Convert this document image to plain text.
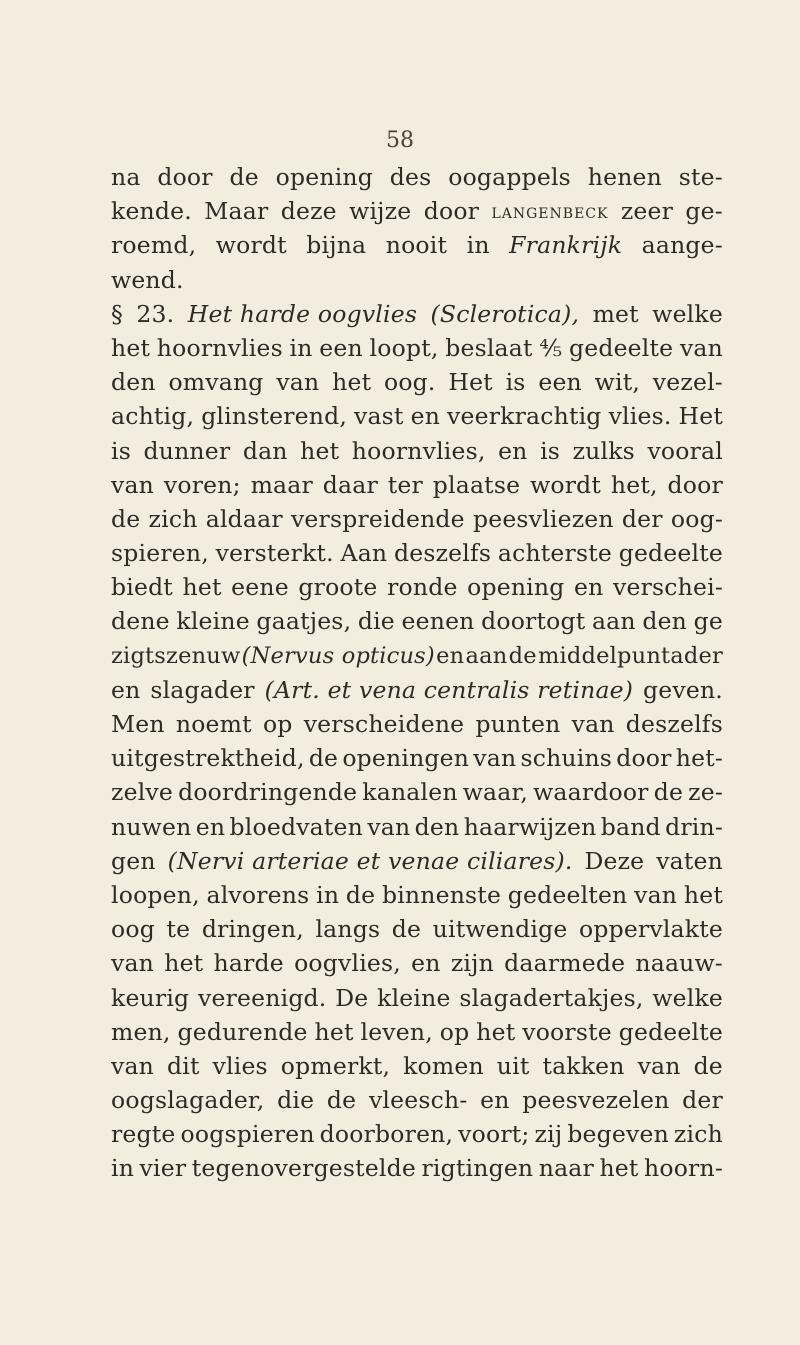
58
na door de opening des oogappels henen ste-
kende. Maar deze wijze door langenbeck zeer ge-
roemd, wordt bijna nooit in Frankrijk aange-
wend.
§ 23. Het harde oogvlies (Sclerotica), met welke
het hoornvlies in een loopt, beslaat ⅘ gedeelte van
den omvang van het oog. Het is een wit, vezel-
achtig, glinsterend, vast en veerkrachtig vlies. Het
is dunner dan het hoornvlies, en is zulks vooral
van voren; maar daar ter plaatse wordt het, door
de zich aldaar verspreidende peesvliezen der oog-
spieren, versterkt. Aan deszelfs achterste gedeelte
biedt het eene groote ronde opening en verschei-
dene kleine gaatjes, die eenen doortogt aan den ge
zigtszenuw (Nervus opticus) en aan de middelpuntader
en slagader (Art. et vena centralis retinae) geven.
Men noemt op verscheidene punten van deszelfs
uitgestrektheid, de openingen van schuins door het-
zelve doordringende kanalen waar, waardoor de ze-
nuwen en bloedvaten van den haarwijzen band drin-
gen (Nervi arteriae et venae ciliares). Deze vaten
loopen, alvorens in de binnenste gedeelten van het
oog te dringen, langs de uitwendige oppervlakte
van het harde oogvlies, en zijn daarmede naauw-
keurig vereenigd. De kleine slagadertakjes, welke
men, gedurende het leven, op het voorste gedeelte
van dit vlies opmerkt, komen uit takken van de
oogslagader, die de vleesch- en peesvezelen der
regte oogspieren doorboren, voort; zij begeven zich
in vier tegenovergestelde rigtingen naar het hoorn-
